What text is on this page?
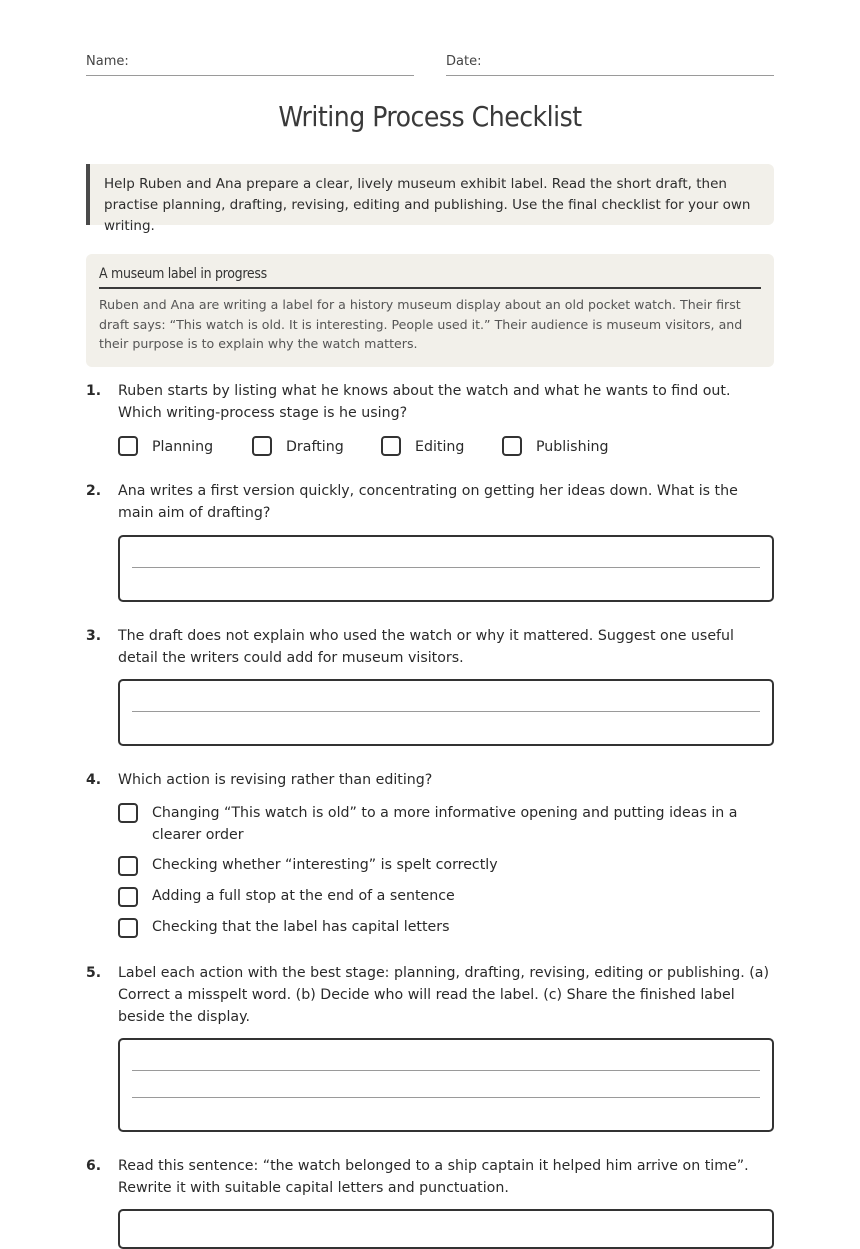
Name:	Date:
Writing Process Checklist
Help Ruben and Ana prepare a clear, lively museum exhibit label. Read the short draft, then practise planning, drafting, revising, editing and publishing. Use the final checklist for your own writing.
A museum label in progress
Ruben and Ana are writing a label for a history museum display about an old pocket watch. Their first draft says: “This watch is old. It is interesting. People used it.” Their audience is museum visitors, and their purpose is to explain why the watch matters.
1. Ruben starts by listing what he knows about the watch and what he wants to find out. Which writing-process stage is he using?
Planning	Drafting	Editing	Publishing
2. Ana writes a first version quickly, concentrating on getting her ideas down. What is the main aim of drafting?
3. The draft does not explain who used the watch or why it mattered. Suggest one useful detail the writers could add for museum visitors.
4. Which action is revising rather than editing?
Changing “This watch is old” to a more informative opening and putting ideas in a clearer order
Checking whether “interesting” is spelt correctly
Adding a full stop at the end of a sentence
Checking that the label has capital letters
5. Label each action with the best stage: planning, drafting, revising, editing or publishing. (a) Correct a misspelt word. (b) Decide who will read the label. (c) Share the finished label beside the display.
6. Read this sentence: “the watch belonged to a ship captain it helped him arrive on time”. Rewrite it with suitable capital letters and punctuation.
